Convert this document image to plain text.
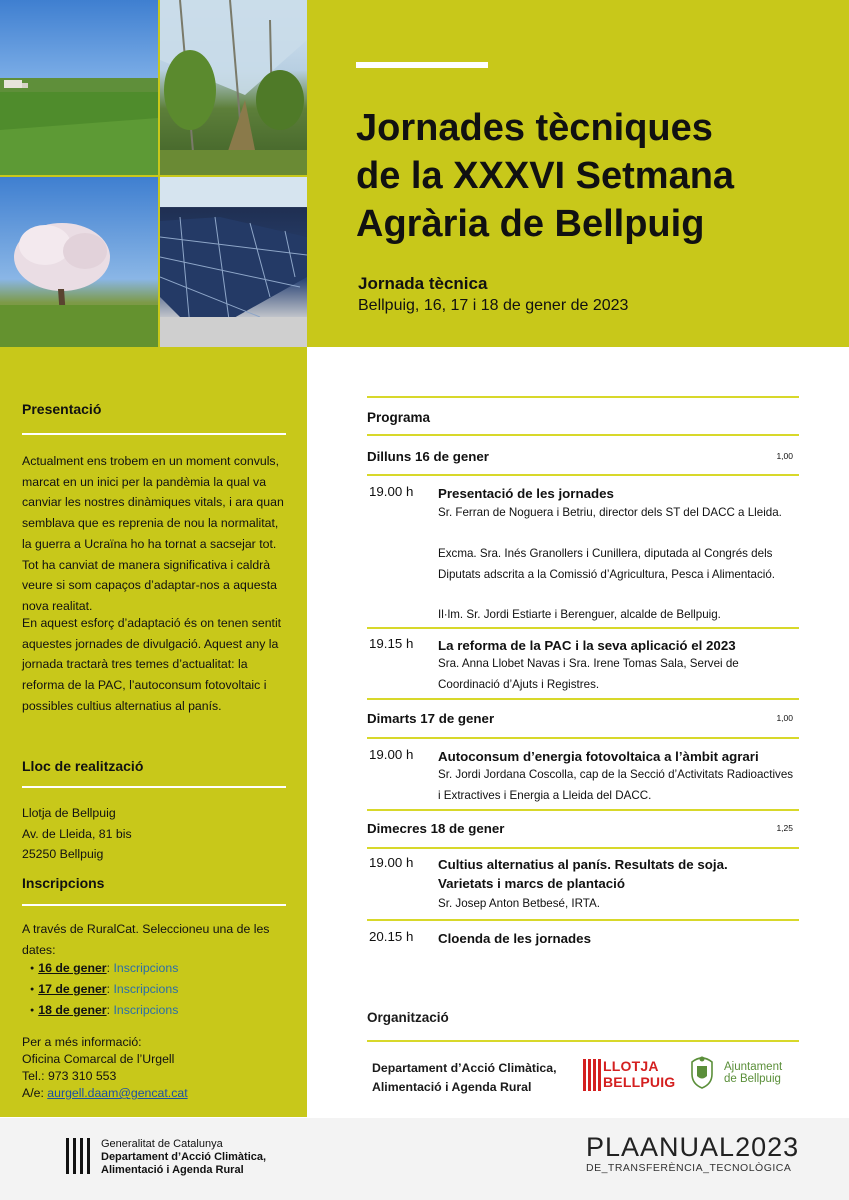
Jornades tècniques
de la XXXVI Setmana
Agrària de Bellpuig
Jornada tècnica
Bellpuig, 16, 17 i 18 de gener de 2023
Presentació

Actualment ens trobem en un moment convuls, marcat en un inici per la pandèmia la qual va canviar les nostres dinàmiques vitals, i ara quan semblava que es reprenia de nou la normalitat, la guerra a Ucraïna ho ha tornat a sacsejar tot. Tot ha canviat de manera significativa i caldrà veure si som capaços d’adaptar-nos a aquesta nova realitat.

En aquest esforç d’adaptació és on tenen sentit aquestes jornades de divulgació. Aquest any la jornada tractarà tres temes d’actualitat: la reforma de la PAC, l’autoconsum fotovoltaic i possibles cultius alternatius al panís.

Lloc de realització
Llotja de Bellpuig
Av. de Lleida, 81 bis
25250 Bellpuig
Inscripcions

A través de RuralCat. Seleccioneu una de les dates:

● 16 de gener: Inscripcions
● 17 de gener: Inscripcions
● 18 de gener: Inscripcions
Per a més informació:
Oficina Comarcal de l’Urgell
Tel.: 973 310 553
A/e: aurgell.daam@gencat.cat
Programa
Dilluns 16 de gener	1,00
19.00 h Presentació de les jornades
Sr. Ferran de Noguera i Betriu, director dels ST del DACC a Lleida.
Excma. Sra. Inés Granollers i Cunillera, diputada al Congrés dels Diputats adscrita a la Comissió d’Agricultura, Pesca i Alimentació.
Il·lm. Sr. Jordi Estiarte i Berenguer, alcalde de Bellpuig.
19.15 h La reforma de la PAC i la seva aplicació el 2023
Sra. Anna Llobet Navas i Sra. Irene Tomas Sala, Servei de Coordinació d’Ajuts i Registres.
Dimarts 17 de gener	1,00
19.00 h Autoconsum d’energia fotovoltaica a l’àmbit agrari
Sr. Jordi Jordana Coscolla, cap de la Secció d’Activitats Radioactives i Extractives i Energia a Lleida del DACC.
Dimecres 18 de gener	1,25
19.00 h Cultius alternatius al panís. Resultats de soja. Varietats i marcs de plantació
Sr. Josep Anton Betbesé, IRTA.
20.15 h Cloenda de les jornades
Organització
Departament d’Acció Climàtica,
Alimentació i Agenda Rural
LLOTJA
BELLPUIG
Ajuntament
de Bellpuig
Generalitat de Catalunya
Departament d’Acció Climàtica,
Alimentació i Agenda Rural
PLAANUAL2023
DE_TRANSFERÈNCIA_TECNOLÒGICA
